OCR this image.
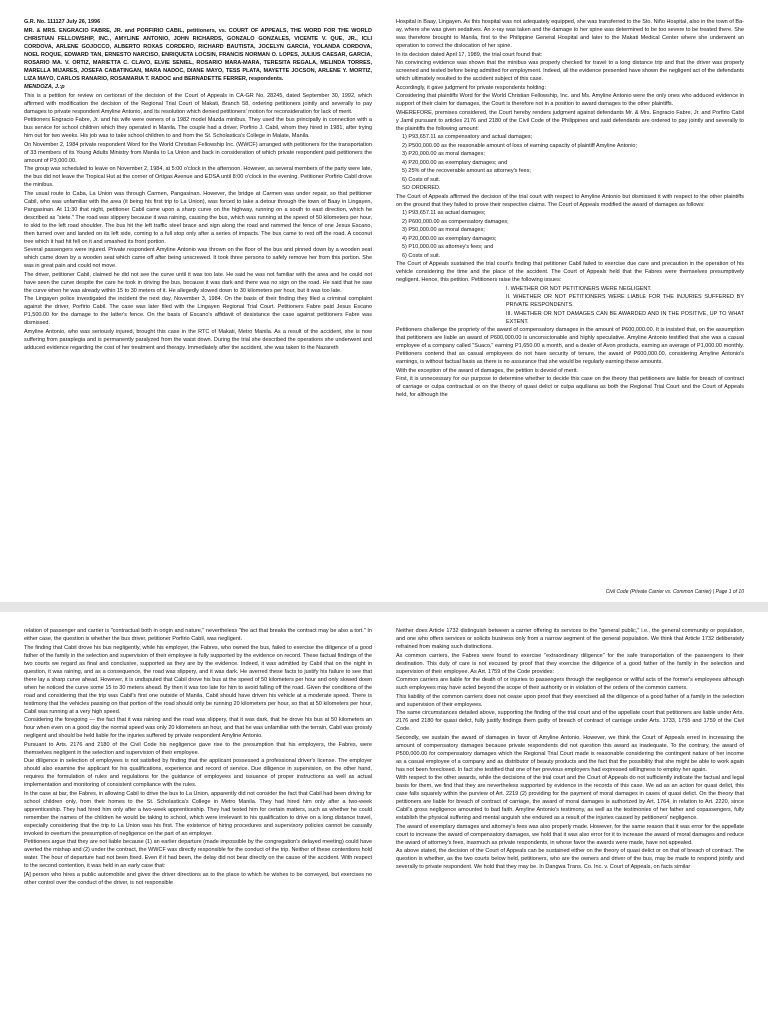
G.R. No. 111127 July 26, 1996

MR. & MRS. ENGRACIO FABRE, JR. and PORFIRIO CABIL, petitioners, vs. COURT OF APPEALS, THE WORD FOR THE WORLD CHRISTIAN FELLOWSHIP, INC., AMYLINE ANTONIO, JOHN RICHARDS, GONZALO GONZALES, VICENTE V. QUE, JR., ICLI CORDOVA, ARLENE GOJOCCO, ALBERTO ROXAS CORDERO, RICHARD BAUTISTA, JOCELYN GARCIA, YOLANDA CORDOVA, NOEL ROQUE, EDWARD TAN, ERNESTO NARCISO, ENRIQUETA LOCSIN, FRANCIS NORMAN O. LOPES, JULIUS CAESAR, GARCIA, ROSARIO MA. V. ORTIZ, MARIETTA C. CLAVO, ELVIE SENIEL, ROSARIO MARA-MARA, TERESITA REGALA, MELINDA TORRES, MARELLA MIJARES, JOSEFA CABATINGAN, MARA NADOC, DIANE MAYO, TESS PLATA, MAYETTE JOCSON, ARLENE Y. MORTIZ, LIZA MAYO, CARLOS RANARIO, ROSAMARIA T. RADOC and BERNADETTE FERRER, respondents.

MENDOZA, J.:p

This is a petition for review on certiorari of the decision of the Court of Appeals in CA-GR No. 28245, dated September 30, 1992, which affirmed with modification the decision of the Regional Trial Court of Makati, Branch 58, ordering petitioners jointly and severally to pay damages to private respondent Amyline Antonio, and its resolution which denied petitioners' motion for reconsideration for lack of merit.

Petitioners Engracio Fabre, Jr. and his wife were owners of a 1982 model Mazda minibus. They used the bus principally in connection with a bus service for school children which they operated in Manila. The couple had a driver, Porfirio J. Cabil, whom they hired in 1981, after trying him out for two weeks. His job was to take school children to and from the St. Scholastica's College in Malate, Manila.

On November 2, 1984 private respondent Word for the World Christian Fellowship Inc. (WWCF) arranged with petitioners for the transportation of 33 members of its Young Adults Ministry from Manila to La Union and back in consideration of which private respondent paid petitioners the amount of P3,000.00.

The group was scheduled to leave on November 2, 1984, at 5:00 o'clock in the afternoon. However, as several members of the party were late, the bus did not leave the Tropical Hut at the corner of Ortigas Avenue and EDSA until 8:00 o'clock in the evening. Petitioner Porfirio Cabil drove the minibus.

The usual route to Caba, La Union was through Carmen, Pangasinan. However, the bridge at Carmen was under repair, so that petitioner Cabil, who was unfamiliar with the area (it being his first trip to La Union), was forced to take a detour through the town of Baay in Lingayen, Pangasinan. At 11:30 that night, petitioner Cabil came upon a sharp curve on the highway, running on a south to east direction, which he described as "siete." The road was slippery because it was raining, causing the bus, which was running at the speed of 50 kilometers per hour, to skid to the left road shoulder. The bus hit the left traffic steel brace and sign along the road and rammed the fence of one Jesus Escano, then turned over and landed on its left side, coming to a full stop only after a series of impacts. The bus came to rest off the road. A coconut tree which it had hit fell on it and smashed its front portion.

Several passengers were injured. Private respondent Amyline Antonio was thrown on the floor of the bus and pinned down by a wooden seat which came down by a wooden seat which came off after being unscrewed. It took three persons to safely remove her from this portion. She was in great pain and could not move.

The driver, petitioner Cabil, claimed he did not see the curve until it was too late. He said he was not familiar with the area and he could not have seen the curve despite the care he took in driving the bus, because it was dark and there was no sign on the road. He said that he saw the curve when he was already within 15 to 30 meters of it. He allegedly slowed down to 30 kilometers per hour, but it was too late.

The Lingayen police investigated the incident the next day, November 3, 1984. On the basis of their finding they filed a criminal complaint against the driver, Porfirio Cabil. The case was later filed with the Lingayen Regional Trial Court. Petitioners Fabre paid Jesus Escano P1,500.00 for the damage to the latter's fence. On the basis of Escano's affidavit of desistance the case against petitioners Fabre was dismissed.

Amyline Antonio, who was seriously injured, brought this case in the RTC of Makati, Metro Manila. As a result of the accident, she is now suffering from paraplegia and is permanently paralyzed from the waist down. During the trial she described the operations she underwent and adduced evidence regarding the cost of her treatment and therapy. Immediately after the accident, she was taken to the Nazareth

Hospital in Baay, Lingayen. As this hospital was not adequately equipped, she was transferred to the Sto. Niño Hospital, also in the town of Ba-ay, where she was given sedatives. An x-ray was taken and the damage to her spine was determined to be too severe to be treated there. She was therefore brought to Manila, first to the Philippine General Hospital and later to the Makati Medical Center where she underwent an operation to correct the dislocation of her spine.

In its decision dated April 17, 1989, the trial court found that:

No convincing evidence was shown that the minibus was properly checked for travel to a long distance trip and that the driver was properly screened and tested before being admitted for employment. Indeed, all the evidence presented have shown the negligent act of the defendants which ultimately resulted to the accident subject of this case.

Accordingly, it gave judgment for private respondents holding:

Considering that plaintiffs Word for the World Christian Fellowship, Inc. and Ms. Amyline Antonio were the only ones who adduced evidence in support of their claim for damages, the Court is therefore not in a position to award damages to the other plaintiffs.

WHEREFORE, premises considered, the Court hereby renders judgment against defendants Mr. & Mrs. Engracio Fabre, Jr. and Porfirio Cabil y Jamil pursuant to articles 2176 and 2180 of the Civil Code of the Philippines and said defendants are ordered to pay jointly and severally to the plaintiffs the following amount:

1) P93,657.11 as compensatory and actual damages;

2) P500,000.00 as the reasonable amount of loss of earning capacity of plaintiff Amyline Antonio;

3) P20,000.00 as moral damages;

4) P20,000.00 as exemplary damages; and

5) 25% of the recoverable amount as attorney's fees;

6) Costs of suit.

SO ORDERED.

The Court of Appeals affirmed the decision of the trial court with respect to Amyline Antonio but dismissed it with respect to the other plaintiffs on the ground that they failed to prove their respective claims. The Court of Appeals modified the award of damages as follows:

1) P93,657.11 as actual damages;

2) P600,000.00 as compensatory damages;

3) P50,000.00 as moral damages;

4) P20,000.00 as exemplary damages;

5) P10,000.00 as attorney's fees; and

6) Costs of suit.

The Court of Appeals sustained the trial court's finding that petitioner Cabil failed to exercise due care and precaution in the operation of his vehicle considering the time and the place of the accident. The Court of Appeals held that the Fabres were themselves presumptively negligent. Hence, this petition. Petitioners raise the following issues:

I. WHETHER OR NOT PETITIONERS WERE NEGLIGENT.

II. WHETHER OR NOT PETITIONERS WERE LIABLE FOR THE INJURIES SUFFERED BY PRIVATE RESPONDENTS.

III. WHETHER OR NOT DAMAGES CAN BE AWARDED AND IN THE POSITIVE, UP TO WHAT EXTENT.

Petitioners challenge the propriety of the award of compensatory damages in the amount of P600,000.00. It is insisted that, on the assumption that petitioners are liable an award of P600,000.00 is unconscionable and highly speculative. Amyline Antonio testified that she was a casual employee of a company called "Suaco," earning P1,650.00 a month, and a dealer of Avon products, earning an average of P1,000.00 monthly. Petitioners contend that as casual employees do not have security of tenure, the award of P600,000.00, considering Amyline Antonio's earnings, is without factual basis as there is no assurance that she would be regularly earning these amounts.

With the exception of the award of damages, the petition is devoid of merit.

First, it is unnecessary for our purpose to determine whether to decide this case on the theory that petitioners are liable for breach of contract of carriage or culpa contractual or on the theory of quasi delict or culpa aquiliana as both the Regional Trial Court and the Court of Appeals held, for although the

Civil Code (Private Carrier vs. Common Carrier) | Page 1 of 10

relation of passenger and carrier is "contractual both in origin and nature," nevertheless "the act that breaks the contract may be also a tort." In either case, the question is whether the bus driver, petitioner Porfirio Cabil, was negligent.

The finding that Cabil drove his bus negligently, while his employer, the Fabres, who owned the bus, failed to exercise the diligence of a good father of the family in the selection and supervision of their employee is fully supported by the evidence on record. These factual findings of the two courts we regard as final and conclusive, supported as they are by the evidence. Indeed, it was admitted by Cabil that on the night in question, it was raining, and as a consequence, the road was slippery, and it was dark. He averred these facts to justify his failure to see that there lay a sharp curve ahead. However, it is undisputed that Cabil drove his bus at the speed of 50 kilometers per hour and only slowed down when he noticed the curve some 15 to 30 meters ahead. By then it was too late for him to avoid falling off the road. Given the conditions of the road and considering that the trip was Cabil's first one outside of Manila, Cabil should have driven his vehicle at a moderate speed. There is testimony that the vehicles passing on that portion of the road should only be running 20 kilometers per hour, so that at 50 kilometers per hour, Cabil was running at a very high speed.

Considering the foregoing — the fact that it was raining and the road was slippery, that it was dark, that he drove his bus at 50 kilometers an hour when even on a good day the normal speed was only 20 kilometers an hour, and that he was unfamiliar with the terrain, Cabil was grossly negligent and should be held liable for the injuries suffered by private respondent Amyline Antonio.

Pursuant to Arts. 2176 and 2180 of the Civil Code his negligence gave rise to the presumption that his employers, the Fabres, were themselves negligent in the selection and supervision of their employee.

Due diligence in selection of employees is not satisfied by finding that the applicant possessed a professional driver's license. The employer should also examine the applicant for his qualifications, experience and record of service. Due diligence in supervision, on the other hand, requires the formulation of rules and regulations for the guidance of employees and issuance of proper instructions as well as actual implementation and monitoring of consistent compliance with the rules.

In the case at bar, the Fabres, in allowing Cabil to drive the bus to La Union, apparently did not consider the fact that Cabil had been driving for school children only, from their homes to the St. Scholastica's College in Metro Manila. They had hired him only after a two-week apprenticeship. They had hired him only after a two-week apprenticeship. They had tested him for certain matters, such as whether he could remember the names of the children he would be taking to school, which were irrelevant to his qualification to drive on a long distance travel, especially considering that the trip to La Union was his first. The existence of hiring procedures and supervisory policies cannot be casually invoked to overturn the presumption of negligence on the part of an employer.

Petitioners argue that they are not liable because (1) an earlier departure (made impossible by the congregation's delayed meeting) could have averted the mishap and (2) under the contract, the WWCF was directly responsible for the conduct of the trip. Neither of these contentions hold water. The hour of departure had not been fixed. Even if it had been, the delay did not bear directly on the cause of the accident. With respect to the second contention, it was held in an early case that:

[A] person who hires a public automobile and gives the driver directions as to the place to which he wishes to be conveyed, but exercises no other control over the conduct of the driver, is not responsible

Neither does Article 1732 distinguish between a carrier offering its services to the "general public," i.e., the general community or population, and one who offers services or solicits business only from a narrow segment of the general population. We think that Article 1732 deliberately refrained from making such distinctions.

As common carriers, the Fabres were found to exercise "extraordinary diligence" for the safe transportation of the passengers to their destination. This duty of care is not excused by proof that they exercise the diligence of a good father of the family in the selection and supervision of their employee. As Art. 1759 of the Code provides:

Common carriers are liable for the death of or injuries to passengers through the negligence or willful acts of the former's employees although such employees may have acted beyond the scope of their authority or in violation of the orders of the common carriers.

This liability of the common carriers does not cease upon proof that they exercised all the diligence of a good father of a family in the selection and supervision of their employees.

The same circumstances detailed above, supporting the finding of the trial court and of the appellate court that petitioners are liable under Arts. 2176 and 2180 for quasi delict, fully justify findings them guilty of breach of contract of carriage under Arts. 1733, 1755 and 1759 of the Civil Code.

Secondly, we sustain the award of damages in favor of Amyline Antonio. However, we think the Court of Appeals erred in increasing the amount of compensatory damages because private respondents did not question this award as inadequate. To the contrary, the award of P500,000.00 for compensatory damages which the Regional Trial Court made is reasonable considering the contingent nature of her income as a casual employee of a company and as distributor of beauty products and the fact that the possibility that she might be able to work again has not been foreclosed. In fact she testified that one of her previous employers had expressed willingness to employ her again.

With respect to the other awards, while the decisions of the trial court and the Court of Appeals do not sufficiently indicate the factual and legal basis for them, we find that they are nevertheless supported by evidence in the records of this case. We ad as an action for quasi delict, this case falls squarely within the purview of Art. 2219 (2) providing for the payment of moral damages in cases of quasi delict. On the theory that petitioners are liable for breach of contract of carriage, the award of moral damages is authorized by Art. 1764, in relation to Art. 2220, since Cabil's gross negligence amounted to bad faith. Amyline Antonio's testimony, as well as the testimonies of her father and copassengers, fully establish the physical suffering and mental anguish she endured as a result of the injuries caused by petitioners' negligence.

The award of exemplary damages and attorney's fees was also properly made. However, for the same reason that it was error for the appellate court to increase the award of compensatory damages, we hold that it was also error for it to increase the award of moral damages and reduce the award of attorney's fees, inasmuch as private respondents, in whose favor the awards were made, have not appealed.

As above stated, the decision of the Court of Appeals can be sustained either on the theory of quasi delict or on that of breach of contract. The question is whether, as the two courts below held, petitioners, who are the owners and driver of the bus, may be made to respond jointly and severally to private respondent. We hold that they may be. In Dangwa Trans. Co. Inc. v. Court of Appeals, on facts similar
